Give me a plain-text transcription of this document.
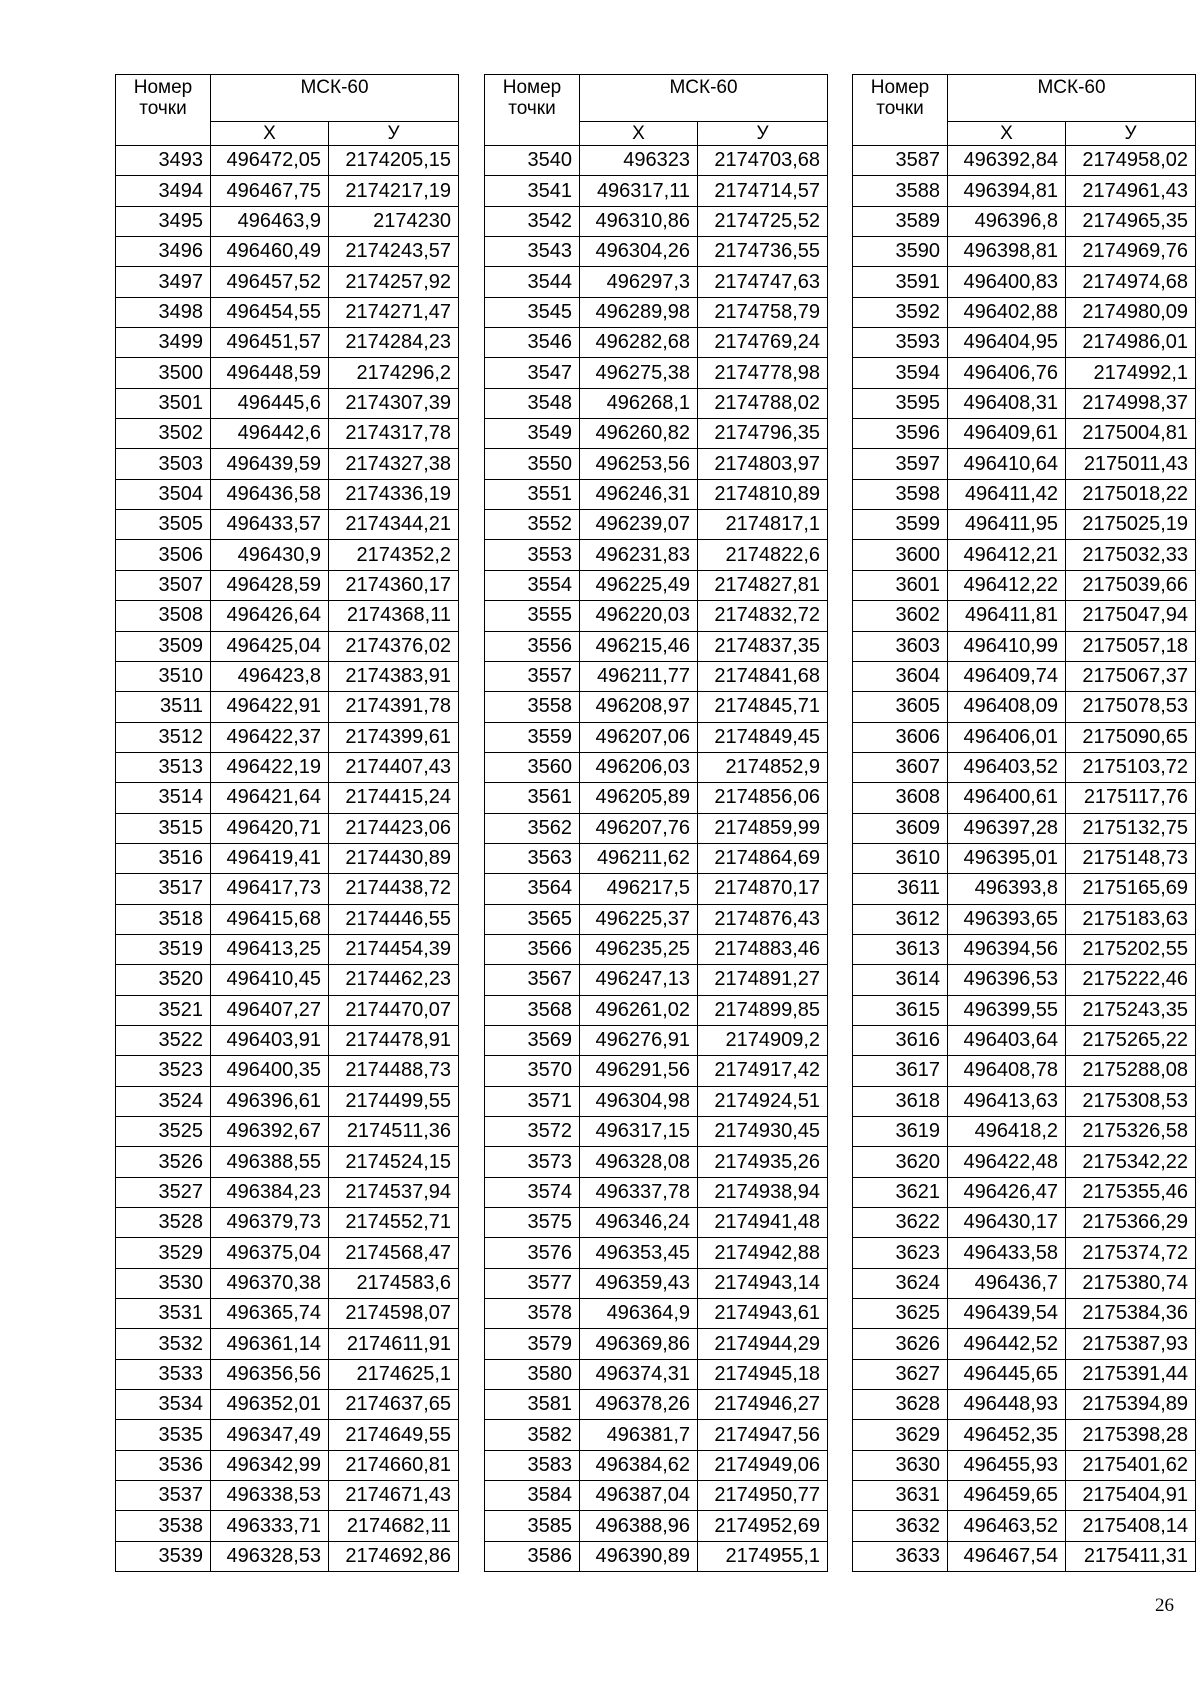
Номер точки	МСК-60	
	X	У
3493	496472,05	2174205,15
3494	496467,75	2174217,19
3495	496463,9	2174230
3496	496460,49	2174243,57
3497	496457,52	2174257,92
3498	496454,55	2174271,47
3499	496451,57	2174284,23
3500	496448,59	2174296,2
3501	496445,6	2174307,39
3502	496442,6	2174317,78
3503	496439,59	2174327,38
3504	496436,58	2174336,19
3505	496433,57	2174344,21
3506	496430,9	2174352,2
3507	496428,59	2174360,17
3508	496426,64	2174368,11
3509	496425,04	2174376,02
3510	496423,8	2174383,91
3511	496422,91	2174391,78
3512	496422,37	2174399,61
3513	496422,19	2174407,43
3514	496421,64	2174415,24
3515	496420,71	2174423,06
3516	496419,41	2174430,89
3517	496417,73	2174438,72
3518	496415,68	2174446,55
3519	496413,25	2174454,39
3520	496410,45	2174462,23
3521	496407,27	2174470,07
3522	496403,91	2174478,91
3523	496400,35	2174488,73
3524	496396,61	2174499,55
3525	496392,67	2174511,36
3526	496388,55	2174524,15
3527	496384,23	2174537,94
3528	496379,73	2174552,71
3529	496375,04	2174568,47
3530	496370,38	2174583,6
3531	496365,74	2174598,07
3532	496361,14	2174611,91
3533	496356,56	2174625,1
3534	496352,01	2174637,65
3535	496347,49	2174649,55
3536	496342,99	2174660,81
3537	496338,53	2174671,43
3538	496333,71	2174682,11
3539	496328,53	2174692,86
Номер точки	МСК-60	
	X	У
3540	496323	2174703,68
3541	496317,11	2174714,57
3542	496310,86	2174725,52
3543	496304,26	2174736,55
3544	496297,3	2174747,63
3545	496289,98	2174758,79
3546	496282,68	2174769,24
3547	496275,38	2174778,98
3548	496268,1	2174788,02
3549	496260,82	2174796,35
3550	496253,56	2174803,97
3551	496246,31	2174810,89
3552	496239,07	2174817,1
3553	496231,83	2174822,6
3554	496225,49	2174827,81
3555	496220,03	2174832,72
3556	496215,46	2174837,35
3557	496211,77	2174841,68
3558	496208,97	2174845,71
3559	496207,06	2174849,45
3560	496206,03	2174852,9
3561	496205,89	2174856,06
3562	496207,76	2174859,99
3563	496211,62	2174864,69
3564	496217,5	2174870,17
3565	496225,37	2174876,43
3566	496235,25	2174883,46
3567	496247,13	2174891,27
3568	496261,02	2174899,85
3569	496276,91	2174909,2
3570	496291,56	2174917,42
3571	496304,98	2174924,51
3572	496317,15	2174930,45
3573	496328,08	2174935,26
3574	496337,78	2174938,94
3575	496346,24	2174941,48
3576	496353,45	2174942,88
3577	496359,43	2174943,14
3578	496364,9	2174943,61
3579	496369,86	2174944,29
3580	496374,31	2174945,18
3581	496378,26	2174946,27
3582	496381,7	2174947,56
3583	496384,62	2174949,06
3584	496387,04	2174950,77
3585	496388,96	2174952,69
3586	496390,89	2174955,1
Номер точки	МСК-60	
	X	У
3587	496392,84	2174958,02
3588	496394,81	2174961,43
3589	496396,8	2174965,35
3590	496398,81	2174969,76
3591	496400,83	2174974,68
3592	496402,88	2174980,09
3593	496404,95	2174986,01
3594	496406,76	2174992,1
3595	496408,31	2174998,37
3596	496409,61	2175004,81
3597	496410,64	2175011,43
3598	496411,42	2175018,22
3599	496411,95	2175025,19
3600	496412,21	2175032,33
3601	496412,22	2175039,66
3602	496411,81	2175047,94
3603	496410,99	2175057,18
3604	496409,74	2175067,37
3605	496408,09	2175078,53
3606	496406,01	2175090,65
3607	496403,52	2175103,72
3608	496400,61	2175117,76
3609	496397,28	2175132,75
3610	496395,01	2175148,73
3611	496393,8	2175165,69
3612	496393,65	2175183,63
3613	496394,56	2175202,55
3614	496396,53	2175222,46
3615	496399,55	2175243,35
3616	496403,64	2175265,22
3617	496408,78	2175288,08
3618	496413,63	2175308,53
3619	496418,2	2175326,58
3620	496422,48	2175342,22
3621	496426,47	2175355,46
3622	496430,17	2175366,29
3623	496433,58	2175374,72
3624	496436,7	2175380,74
3625	496439,54	2175384,36
3626	496442,52	2175387,93
3627	496445,65	2175391,44
3628	496448,93	2175394,89
3629	496452,35	2175398,28
3630	496455,93	2175401,62
3631	496459,65	2175404,91
3632	496463,52	2175408,14
3633	496467,54	2175411,31
26
